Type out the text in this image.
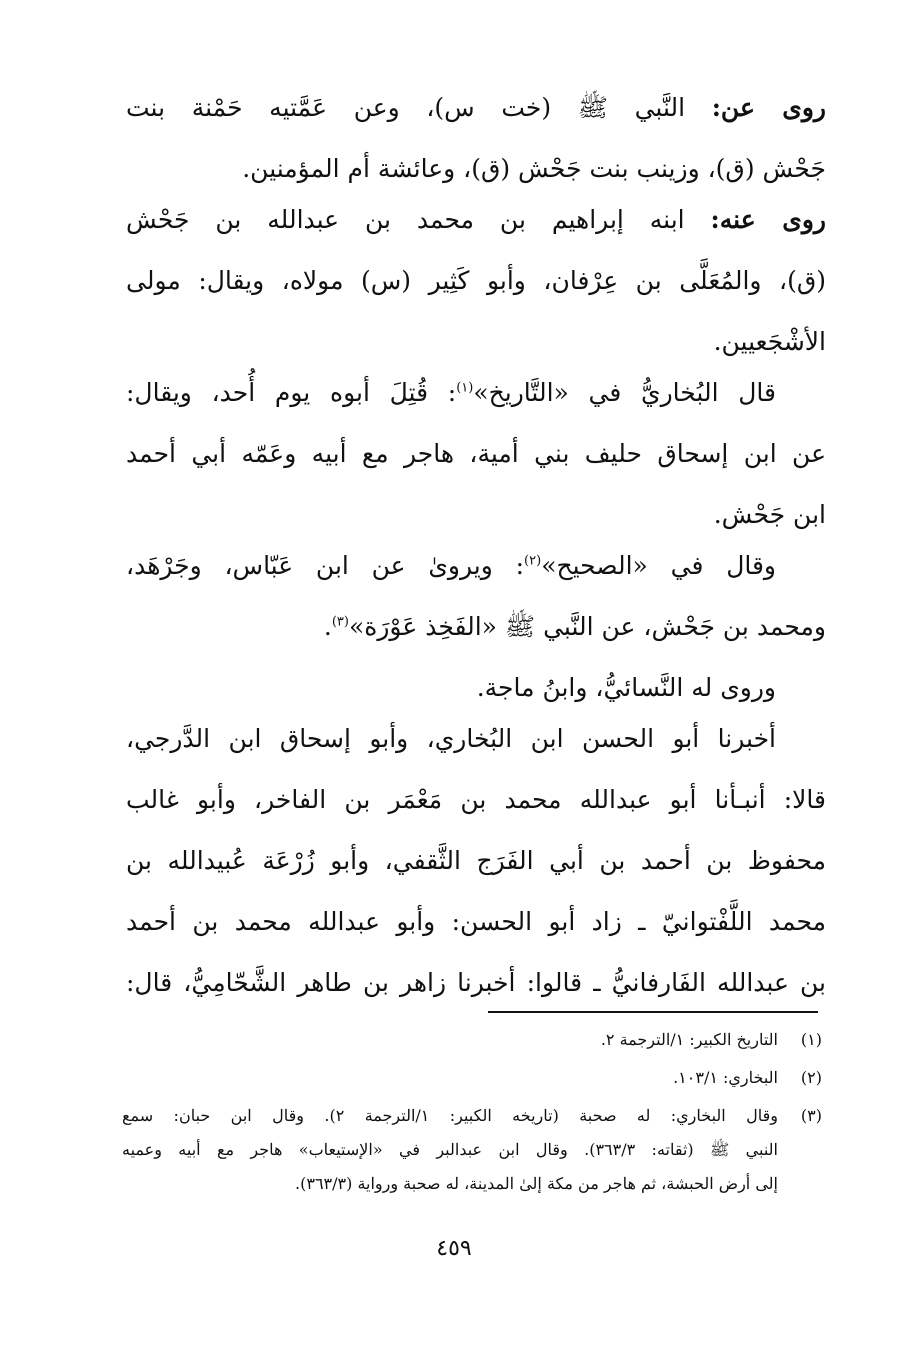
روى عن: النَّبي ﷺ (خت س)، وعن عَمَّتيه حَمْنة بنت
جَحْش (ق)، وزينب بنت جَحْش (ق)، وعائشة أم المؤمنين.
روى عنه: ابنه إبراهيم بن محمد بن عبدالله بن جَحْش
(ق)، والمُعَلَّى بن عِرْفان، وأبو كَثِير (س) مولاه، ويقال: مولى
الأشْجَعيين.
قال البُخاريُّ في «التَّاريخ»$^{(١)}$: قُتِلَ أبوه يوم أُحد، ويقال:
عن ابن إسحاق حليف بني أمية، هاجر مع أبيه وعَمّه أبي أحمد
ابن جَحْش.
وقال في «الصحيح»$^{(٢)}$: ويروىٰ عن ابن عَبّاس، وجَرْهَد،
ومحمد بن جَحْش، عن النَّبي ﷺ «الفَخِذ عَوْرَة»$^{(٣)}$.
وروى له النَّسائيُّ، وابنُ ماجة.
أخبرنا أبو الحسن ابن البُخاري، وأبو إسحاق ابن الدَّرجي،
قالا: أنبـأنا أبو عبدالله محمد بن مَعْمَر بن الفاخر، وأبو غالب
محفوظ بن أحمد بن أبي الفَرَج الثَّقفي، وأبو زُرْعَة عُبيدالله بن
محمد اللَّفْتوانيّ ـ زاد أبو الحسن: وأبو عبدالله محمد بن أحمد
بن عبدالله الفَارفانيُّ ـ قالوا: أخبرنا زاهر بن طاهر الشَّحّامِيُّ، قال:
(١)
التاريخ الكبير: ١/الترجمة ٢.
(٢)
البخاري: ١٠٣/١.
(٣)
وقال البخاري: له صحبة (تاريخه الكبير: ١/الترجمة ٢). وقال ابن حبان: سمع
النبي ﷺ (ثقاته: ٣٦٣/٣). وقال ابن عبدالبر في «الإستيعاب» هاجر مع أبيه وعميه
إلى أرض الحبشة، ثم هاجر من مكة إلىٰ المدينة، له صحبة ورواية (٣٦٣/٣).
٤٥٩
